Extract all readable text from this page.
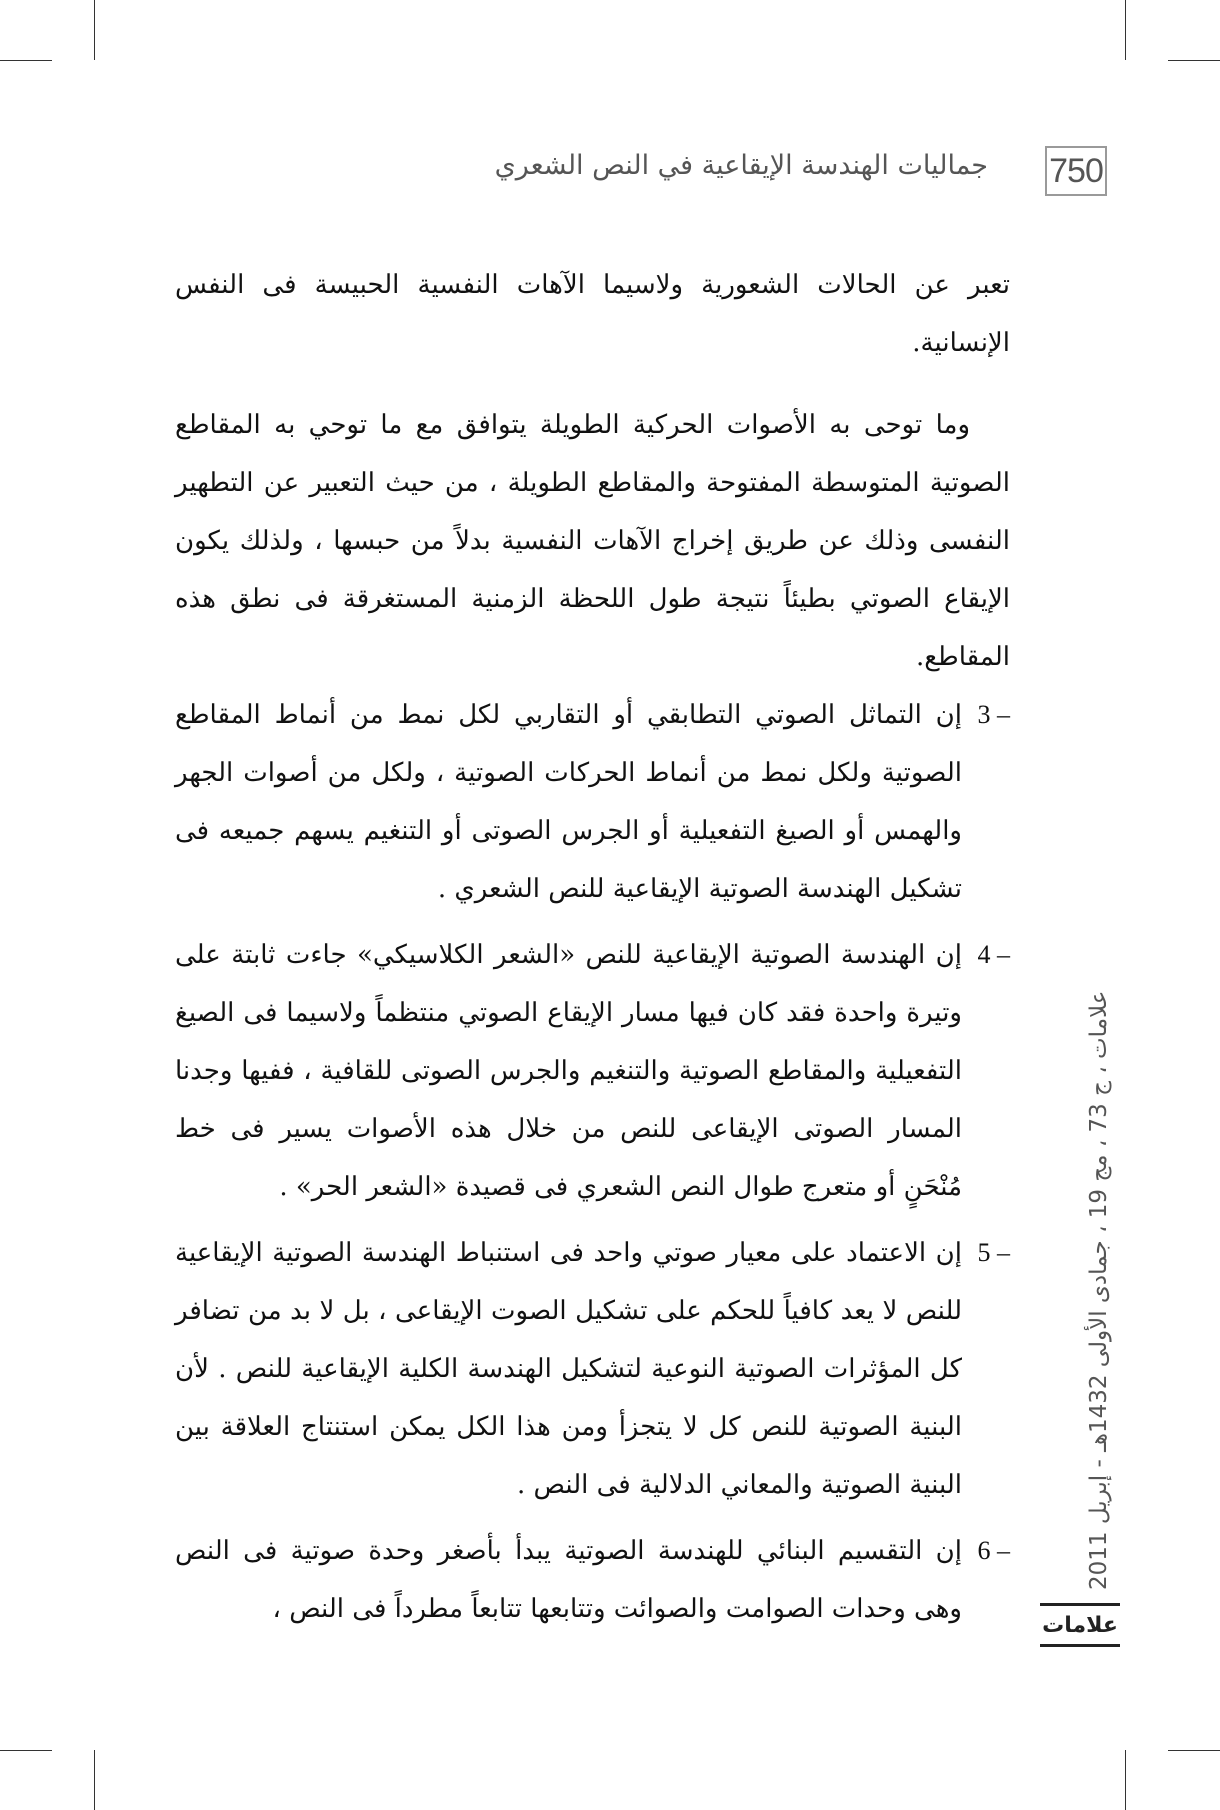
750
جماليات الهندسة الإيقاعية في النص الشعري

تعبر عن الحالات الشعورية ولاسيما الآهات النفسية الحبيسة فى النفس الإنسانية.

وما توحى به الأصوات الحركية الطويلة يتوافق مع ما توحي به المقاطع الصوتية المتوسطة المفتوحة والمقاطع الطويلة ، من حيث التعبير عن التطهير النفسى وذلك عن طريق إخراج الآهات النفسية بدلاً من حبسها ، ولذلك يكون الإيقاع الصوتي بطيئاً نتيجة طول اللحظة الزمنية المستغرقة فى نطق هذه المقاطع.

3 –
إن التماثل الصوتي التطابقي أو التقاربي لكل نمط من أنماط المقاطع الصوتية ولكل نمط من أنماط الحركات الصوتية ، ولكل من أصوات الجهر والهمس أو الصيغ التفعيلية أو الجرس الصوتى أو التنغيم يسهم جميعه فى تشكيل الهندسة الصوتية الإيقاعية للنص الشعري .
4 –
إن الهندسة الصوتية الإيقاعية للنص «الشعر الكلاسيكي» جاءت ثابتة على وتيرة واحدة فقد كان فيها مسار الإيقاع الصوتي منتظماً ولاسيما فى الصيغ التفعيلية والمقاطع الصوتية والتنغيم والجرس الصوتى للقافية ، ففيها وجدنا المسار الصوتى الإيقاعى للنص من خلال هذه الأصوات يسير فى خط مُنْحَنٍ أو متعرج طوال النص الشعري فى قصيدة «الشعر الحر» .
5 –
إن الاعتماد على معيار صوتي واحد فى استنباط الهندسة الصوتية الإيقاعية للنص لا يعد كافياً للحكم على تشكيل الصوت الإيقاعى ، بل لا بد من تضافر كل المؤثرات الصوتية النوعية لتشكيل الهندسة الكلية الإيقاعية للنص . لأن البنية الصوتية للنص كل لا يتجزأ ومن هذا الكل يمكن استنتاج العلاقة بين البنية الصوتية والمعاني الدلالية فى النص .
6 –
إن التقسيم البنائي للهندسة الصوتية يبدأ بأصغر وحدة صوتية فى النص وهى وحدات الصوامت والصوائت وتتابعها تتابعاً مطرداً فى النص ،
علامات ، ج 73 ، مج 19 ، جمادى الأولى 1432هـ - إبريل 2011
علامات
